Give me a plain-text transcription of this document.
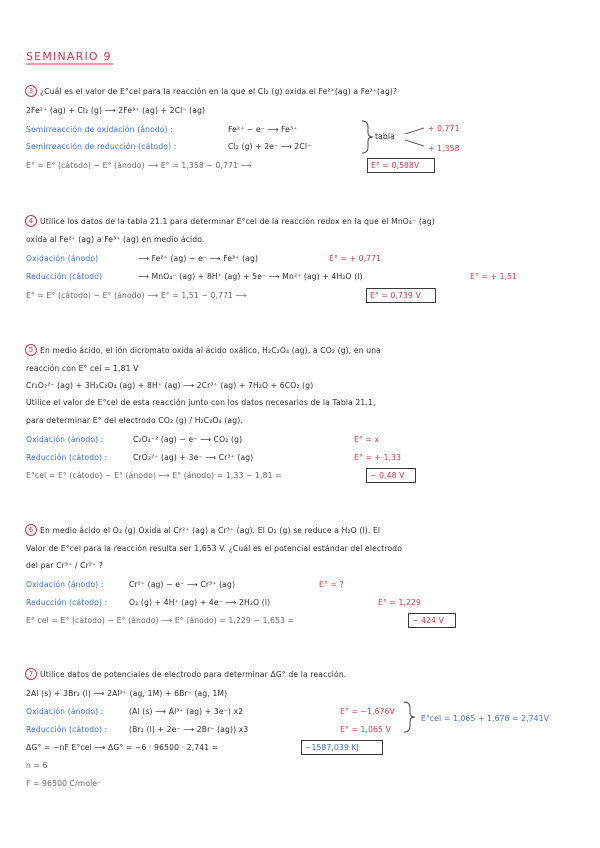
SEMINARIO 9
3 ¿Cuál es el valor de E°cel para la reacción en la que el Cl₂ (g) oxida el Fe²⁺(ag) a Fe³⁺(ag)?
2Fe²⁺ (ag) + Cl₂ (g) ⟶ 2Fe³⁺ (ag) + 2Cl⁻ (ag)
Semirreacción de oxidación (ánodo) :	Fe²⁺ − e⁻ ⟶ Fe³⁺
Semirreacción de reducción (cátodo) :	Cl₂ (g) + 2e⁻ ⟶ 2Cl⁻
tabla
+ 0,771
+ 1,358
E° = E° (cátodo) − E° (ánodo) ⟶ E° = 1,358 − 0,771 ⟶	E° = 0,588V
4 Utilice los datos de la tabla 21.1 para determinar E°cel de la reacción redox en la que el MnO₄⁻ (ag)
oxida al Fe²⁺ (ag) a Fe³⁺ (ag) en medio ácido.
Oxidación (ánodo)	⟶ Fe²⁺ (ag) − e⁻ ⟶ Fe³⁺ (ag)	E° = + 0,771
Reducción (cátodo)	⟶ MnO₄⁻ (ag) + 8H⁺ (ag) + 5e⁻ ⟶ Mn²⁺ (ag) + 4H₂O (l)	E° = + 1,51
E° = E° (cátodo) − E° (ánodo) ⟶ E° = 1,51 − 0,771 ⟶	E° = 0,739 V
5 En medio ácido, el ión dicromato oxida al ácido oxálico, H₂C₂O₄ (ag), a CO₂ (g), en una
reacción con E° cel = 1,81 V
Cr₂O₇²⁻ (ag) + 3H₂C₂O₄ (ag) + 8H⁺ (ag) ⟶ 2Cr³⁺ (ag) + 7H₂O + 6CO₂ (g)
Utilice el valor de E°cel de esta reacción junto con los datos necesarios de la Tabla 21.1,
para determinar E° del electrodo CO₂ (g) / H₂C₂O₄ (ag).
Oxidación (ánodo) :	C₂O₄⁻² (ag) − e⁻ ⟶ CO₂ (g)	E° = x
Reducción (cátodo) :	CrO₃²⁻ (ag) + 3e⁻ ⟶ Cr³⁺ (ag)	E° = + 1,33
E°cel = E° (cátodo) − E° (ánodo) ⟶ E° (ánodo) = 1,33 − 1,81 =	− 0,48 V
6 En medio ácido el O₂ (g) Oxida al Cr²⁺ (ag) a Cr³⁺ (ag). El O₂ (g) se reduce a H₂O (l). El
Valor de E°cel para la reacción resulta ser 1,653 V. ¿Cuál es el potencial estándar del electrodo
del par Cr³⁺ / Cr²⁺ ?
Oxidación (ánodo) :	Cr²⁺ (ag) − e⁻ ⟶ Cr³⁺ (ag)	E° = ?
Reducción (cátodo) :	O₂ (g) + 4H⁺ (ag) + 4e⁻ ⟶ 2H₂O (l)	E° = 1,229
E° cel = E° (cátodo) − E° (ánodo) ⟶ E° (ánodo) = 1,229 − 1,653 =	− 424 V
7 Utilice datos de potenciales de electrodo para determinar ΔG° de la reacción.
2Al (s) + 3Br₂ (l) ⟶ 2Al³⁺ (ag, 1M) + 6Br⁻ (ag, 1M)
Oxidación (ánodo) :	(Al (s) ⟶ Al³⁺ (ag) + 3e⁻) x2	E° = −1,676V
Reducción (cátodo) :	(Br₂ (l) + 2e⁻ ⟶ 2Br⁻ (ag)) x3	E° = 1,065 V
E°cel = 1,065 + 1,676 = 2,741V
ΔG° = −nF E°cel ⟶ ΔG° = −6 · 96500 · 2,741 =	−1587,039 KJ
n = 6
F = 96500 C/mole⁻
